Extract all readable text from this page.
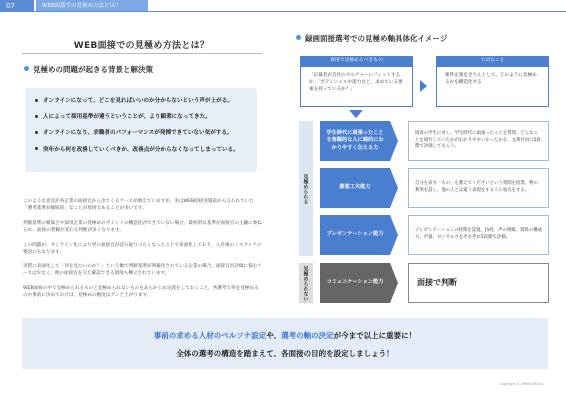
07	WEB面接での見極め方法とは？
WEB面接での見極め方法とは？
見極めの問題が起きる背景と解決策
オンラインになって、どこを見ればいいのか分からないという声が上がる。
人によって採用基準が違うということが、より顕著になってきた。
オンラインになり、求職者のパフォーマンスが発揮できていない気がする。
突年から何を改善していくべきか、改善点が分からなくなってしまっている。
このような意見が各企業の面接官から出てくるケースが増えていますが、実はWEB面接実施前から言われていた「選考基準が曖昧的」なことが原因であることが多いです。
判断基準の曖昧さや採用企業の見極めのポイントの構造化ができていない場合、最終的な基準が面接官の主観に委ねられ、面接の質観が変わる判断が多くなります。
この問題が、オンライン化により更に面接官が読み取りづらくなったことで表面化しており、入社後のミスマッチの要因にもなります。
実際に表面化して「何を見たいのか？」という軸で判断基準が明確化されている企業の場合、面接官が評価に悩むケースは少なく、他の面接官を交え確認できる環境も構立されています。
WEB面接の中で見極められるものと見極められないものをあらかじめ定義をしておくこと、各選考で何を見極めるのか事前に決めておけば、見極めの精度はグンと上がります。
録画面接選考での見極め軸具体化イメージ
採用で見極めるべきもの
「応募者が自社のカルチャーにフィットするか」「ポテンシャルや能力など、求めている要素を持っているか？」
大切なこと
要件定義をきちんとして、どのように見極めるかを構造化する
見極められる
見極められない
学生時代に頑張ったことを客観的な人に端的にわかりやすく伝える力
接客の学生に対し、学生時代に頑張ったことを質問。どんなことを研究していたかがわかりやすいかったかを、文系社員に5段階で評価してもらう。
創意工夫能力
自分を表す「もの」を教えてくださいという質問を投票。物の利用を話し、他の人とは違う表現をする人に加点をする。
プレゼンテーション能力
プレゼンテーションの時間を設置。持続、声の明確、資料の構成力、声量、ロジカルさをそれぞれ5段階で評価。
コミュニケーション能力	面接で判断
事前の求める人材のペルソナ設定や、選考の軸の決定が今まで以上に重要に！
全体の選考の構造を踏まえて、各面接の目的を設定しましょう！
Copyright © ZENKIGEN Inc.
